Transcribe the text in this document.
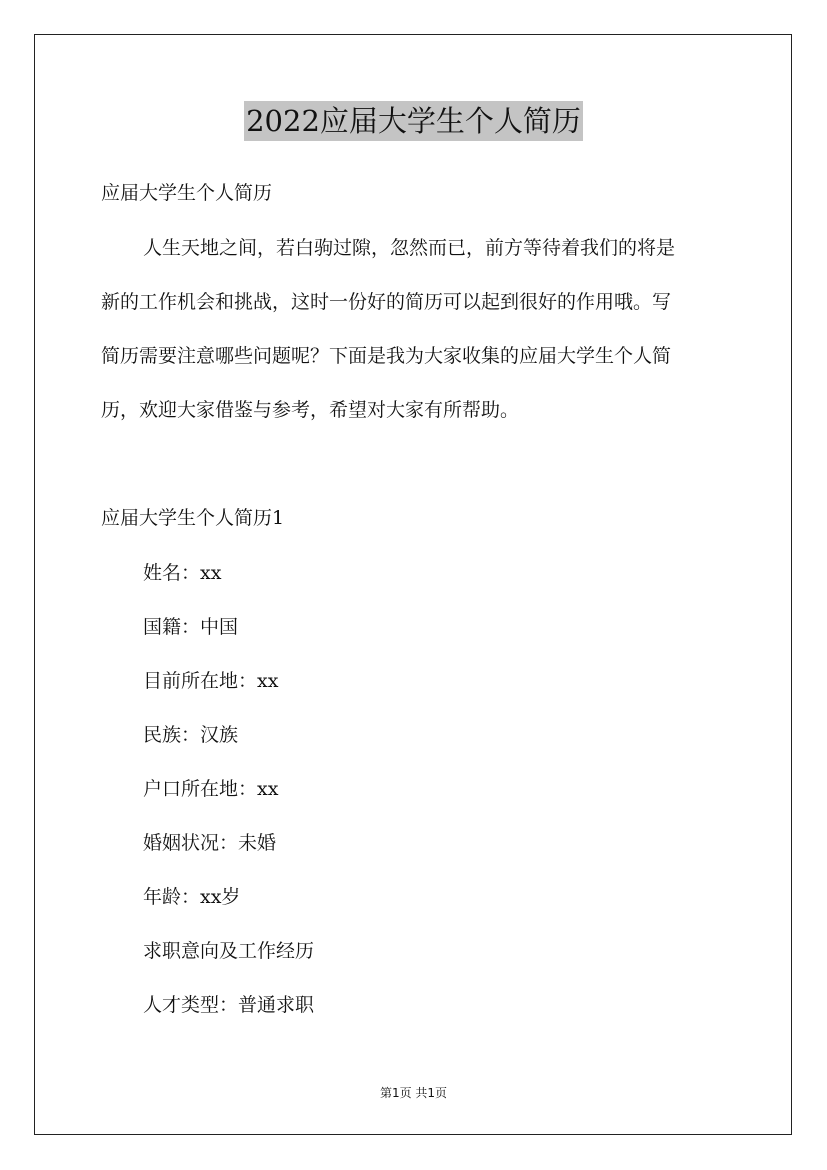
2022应届大学生个人简历
应届大学生个人简历
人生天地之间，若白驹过隙，忽然而已，前方等待着我们的将是
新的工作机会和挑战，这时一份好的简历可以起到很好的作用哦。写
简历需要注意哪些问题呢？下面是我为大家收集的应届大学生个人简
历，欢迎大家借鉴与参考，希望对大家有所帮助。
应届大学生个人简历1
姓名：xx
国籍：中国
目前所在地：xx
民族：汉族
户口所在地：xx
婚姻状况：未婚
年龄：xx岁
求职意向及工作经历
人才类型：普通求职
第1页 共1页
